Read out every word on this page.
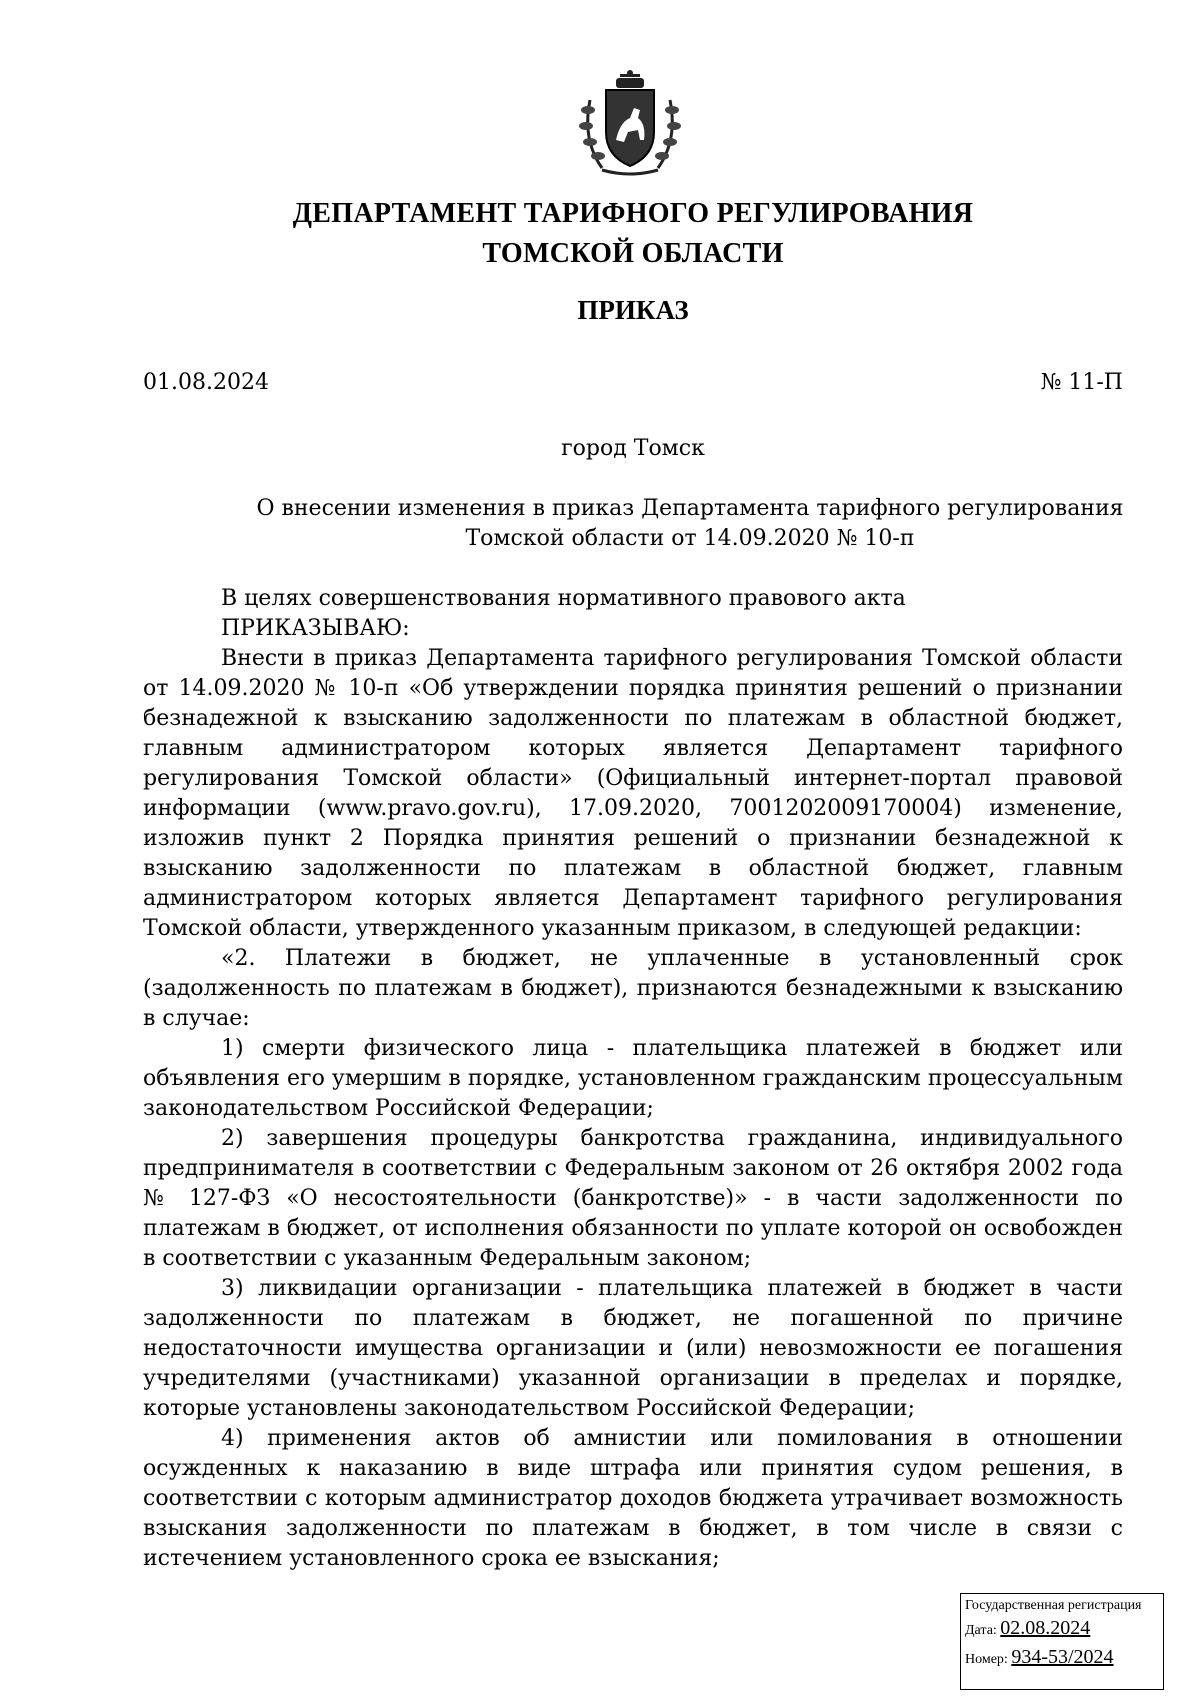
ДЕПАРТАМЕНТ ТАРИФНОГО РЕГУЛИРОВАНИЯ
ТОМСКОЙ ОБЛАСТИ
ПРИКАЗ
01.08.2024	№ 11-П
город Томск
О внесении изменения в приказ Департамента тарифного регулирования
Томской области от 14.09.2020 № 10-п

В целях совершенствования нормативного правового акта

ПРИКАЗЫВАЮ:

Внести в приказ Департамента тарифного регулирования Томской области от 14.09.2020 № 10-п «Об утверждении порядка принятия решений о признании безнадежной к взысканию задолженности по платежам в областной бюджет, главным администратором которых является Департамент тарифного регулирования Томской области» (Официальный интернет-портал правовой информации (www.pravo.gov.ru), 17.09.2020, 7001202009170004) изменение, изложив пункт 2 Порядка принятия решений о признании безнадежной к взысканию задолженности по платежам в областной бюджет, главным администратором которых является Департамент тарифного регулирования Томской области, утвержденного указанным приказом, в следующей редакции:

«2. Платежи в бюджет, не уплаченные в установленный срок (задолженность по платежам в бюджет), признаются безнадежными к взысканию в случае:

1) смерти физического лица - плательщика платежей в бюджет или объявления его умершим в порядке, установленном гражданским процессуальным законодательством Российской Федерации;

2) завершения процедуры банкротства гражданина, индивидуального предпринимателя в соответствии с Федеральным законом от 26 октября 2002 года № 127-ФЗ «О несостоятельности (банкротстве)» - в части задолженности по платежам в бюджет, от исполнения обязанности по уплате которой он освобожден в соответствии с указанным Федеральным законом;

3) ликвидации организации - плательщика платежей в бюджет в части задолженности по платежам в бюджет, не погашенной по причине недостаточности имущества организации и (или) невозможности ее погашения учредителями (участниками) указанной организации в пределах и порядке, которые установлены законодательством Российской Федерации;

4) применения актов об амнистии или помилования в отношении осужденных к наказанию в виде штрафа или принятия судом решения, в соответствии с которым администратор доходов бюджета утрачивает возможность взыскания задолженности по платежам в бюджет, в том числе в связи с истечением установленного срока ее взыскания;

Государственная регистрация
Дата: 02.08.2024
Номер: 934-53/2024
